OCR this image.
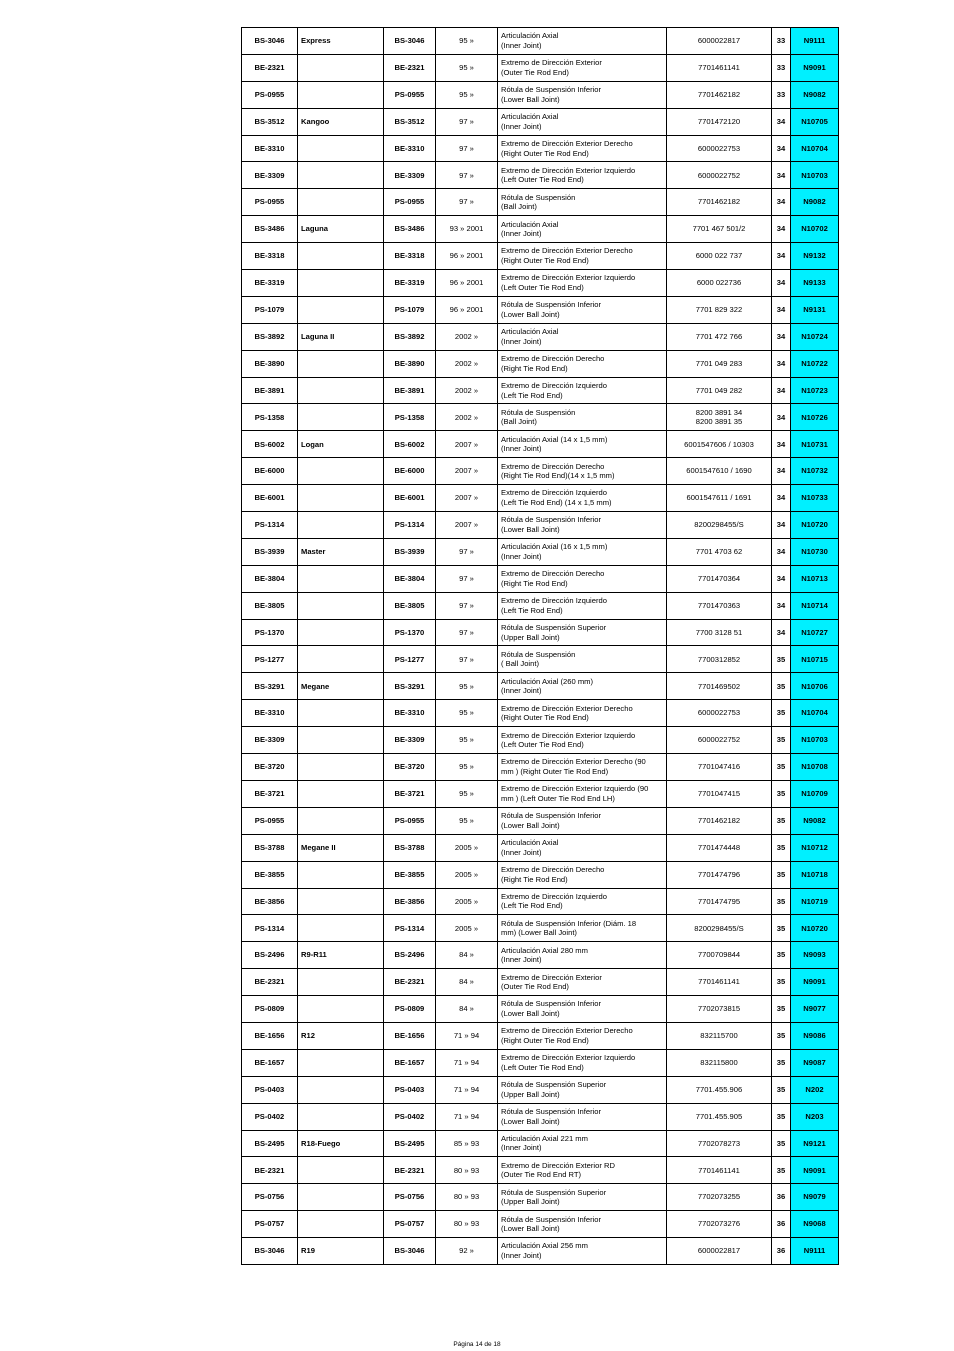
BS-3046	Express	BS-3046	95 »	Articulación Axial
(Inner Joint)	6000022817	33	N9111
BE-2321		BE-2321	95 »	Extremo de Dirección Exterior
(Outer Tie Rod End)	7701461141	33	N9091
PS-0955		PS-0955	95 »	Rótula de Suspensión Inferior
(Lower Ball Joint)	7701462182	33	N9082
BS-3512	Kangoo	BS-3512	97 »	Articulación Axial
(Inner Joint)	7701472120	34	N10705
BE-3310		BE-3310	97 »	Extremo de Dirección Exterior Derecho
(Right Outer Tie Rod End)	6000022753	34	N10704
BE-3309		BE-3309	97 »	Extremo de Dirección Exterior Izquierdo
(Left Outer Tie Rod End)	6000022752	34	N10703
PS-0955		PS-0955	97 »	Rótula de Suspensión
(Ball Joint)	7701462182	34	N9082
BS-3486	Laguna	BS-3486	93 » 2001	Articulación Axial
(Inner Joint)	7701 467 501/2	34	N10702
BE-3318		BE-3318	96 » 2001	Extremo de Dirección Exterior Derecho
(Right Outer Tie Rod End)	6000 022 737	34	N9132
BE-3319		BE-3319	96 » 2001	Extremo de Dirección Exterior Izquierdo
(Left Outer Tie Rod End)	6000 022736	34	N9133
PS-1079		PS-1079	96 » 2001	Rótula de Suspensión Inferior
(Lower Ball Joint)	7701 829 322	34	N9131
BS-3892	Laguna II	BS-3892	2002 »	Articulación Axial
(Inner Joint)	7701 472 766	34	N10724
BE-3890		BE-3890	2002 »	Extremo de Dirección Derecho
(Right Tie Rod End)	7701 049 283	34	N10722
BE-3891		BE-3891	2002 »	Extremo de Dirección Izquierdo
(Left Tie Rod End)	7701 049 282	34	N10723
PS-1358		PS-1358	2002 »	Rótula de Suspensión
(Ball Joint)	8200 3891 34
8200 3891 35	34	N10726
BS-6002	Logan	BS-6002	2007 »	Articulación Axial (14 x 1,5 mm)
(Inner Joint)	6001547606 / 10303	34	N10731
BE-6000		BE-6000	2007 »	Extremo de Dirección Derecho
(Right Tie Rod End)(14 x 1,5 mm)	6001547610 / 1690	34	N10732
BE-6001		BE-6001	2007 »	Extremo de Dirección Izquierdo
(Left Tie Rod End) (14 x 1,5 mm)	6001547611 / 1691	34	N10733
PS-1314		PS-1314	2007 »	Rótula de Suspensión Inferior
(Lower Ball Joint)	8200298455/S	34	N10720
BS-3939	Master	BS-3939	97 »	Articulación Axial (16 x 1,5 mm)
(Inner Joint)	7701 4703 62	34	N10730
BE-3804		BE-3804	97 »	Extremo de Dirección Derecho
(Right Tie Rod End)	7701470364	34	N10713
BE-3805		BE-3805	97 »	Extremo de Dirección Izquierdo
(Left Tie Rod End)	7701470363	34	N10714
PS-1370		PS-1370	97 »	Rótula de Suspensión Superior
(Upper Ball Joint)	7700 3128 51	34	N10727
PS-1277		PS-1277	97 »	Rótula de Suspensión
( Ball Joint)	7700312852	35	N10715
BS-3291	Megane	BS-3291	95 »	Articulación Axial (260 mm)
(Inner Joint)	7701469502	35	N10706
BE-3310		BE-3310	95 »	Extremo de Dirección Exterior Derecho
(Right Outer Tie Rod End)	6000022753	35	N10704
BE-3309		BE-3309	95 »	Extremo de Dirección Exterior Izquierdo
(Left Outer Tie Rod End)	6000022752	35	N10703
BE-3720		BE-3720	95 »	Extremo de Dirección Exterior Derecho (90
mm ) (Right Outer Tie Rod End)	7701047416	35	N10708
BE-3721		BE-3721	95 »	Extremo de Dirección Exterior Izquierdo (90
mm ) (Left Outer Tie Rod End LH)	7701047415	35	N10709
PS-0955		PS-0955	95 »	Rótula de Suspensión Inferior
(Lower Ball Joint)	7701462182	35	N9082
BS-3788	Megane II	BS-3788	2005 »	Articulación Axial
(Inner Joint)	7701474448	35	N10712
BE-3855		BE-3855	2005 »	Extremo de Dirección Derecho
(Right Tie Rod End)	7701474796	35	N10718
BE-3856		BE-3856	2005 »	Extremo de Dirección Izquierdo
(Left Tie Rod End)	7701474795	35	N10719
PS-1314		PS-1314	2005 »	Rótula de Suspensión Inferior (Diám. 18
mm) (Lower Ball Joint)	8200298455/S	35	N10720
BS-2496	R9-R11	BS-2496	84 »	Articulación Axial 280 mm
(Inner Joint)	7700709844	35	N9093
BE-2321		BE-2321	84 »	Extremo de Dirección Exterior
(Outer Tie Rod End)	7701461141	35	N9091
PS-0809		PS-0809	84 »	Rótula de Suspensión Inferior
(Lower Ball Joint)	7702073815	35	N9077
BE-1656	R12	BE-1656	71 » 94	Extremo de Dirección Exterior Derecho
(Right Outer Tie Rod End)	832115700	35	N9086
BE-1657		BE-1657	71 » 94	Extremo de Dirección Exterior Izquierdo
(Left Outer Tie Rod End)	832115800	35	N9087
PS-0403		PS-0403	71 » 94	Rótula de Suspensión Superior
(Upper Ball Joint)	7701.455.906	35	N202
PS-0402		PS-0402	71 » 94	Rótula de Suspensión Inferior
(Lower Ball Joint)	7701.455.905	35	N203
BS-2495	R18-Fuego	BS-2495	85 » 93	Articulación Axial 221 mm
(Inner Joint)	7702078273	35	N9121
BE-2321		BE-2321	80 » 93	Extremo de Dirección Exterior RD
(Outer Tie Rod End RT)	7701461141	35	N9091
PS-0756		PS-0756	80 » 93	Rótula de Suspensión Superior
(Upper Ball Joint)	7702073255	36	N9079
PS-0757		PS-0757	80 » 93	Rótula de Suspensión Inferior
(Lower Ball Joint)	7702073276	36	N9068
BS-3046	R19	BS-3046	92 »	Articulación Axial 256 mm
(Inner Joint)	6000022817	36	N9111
Página 14 de 18
